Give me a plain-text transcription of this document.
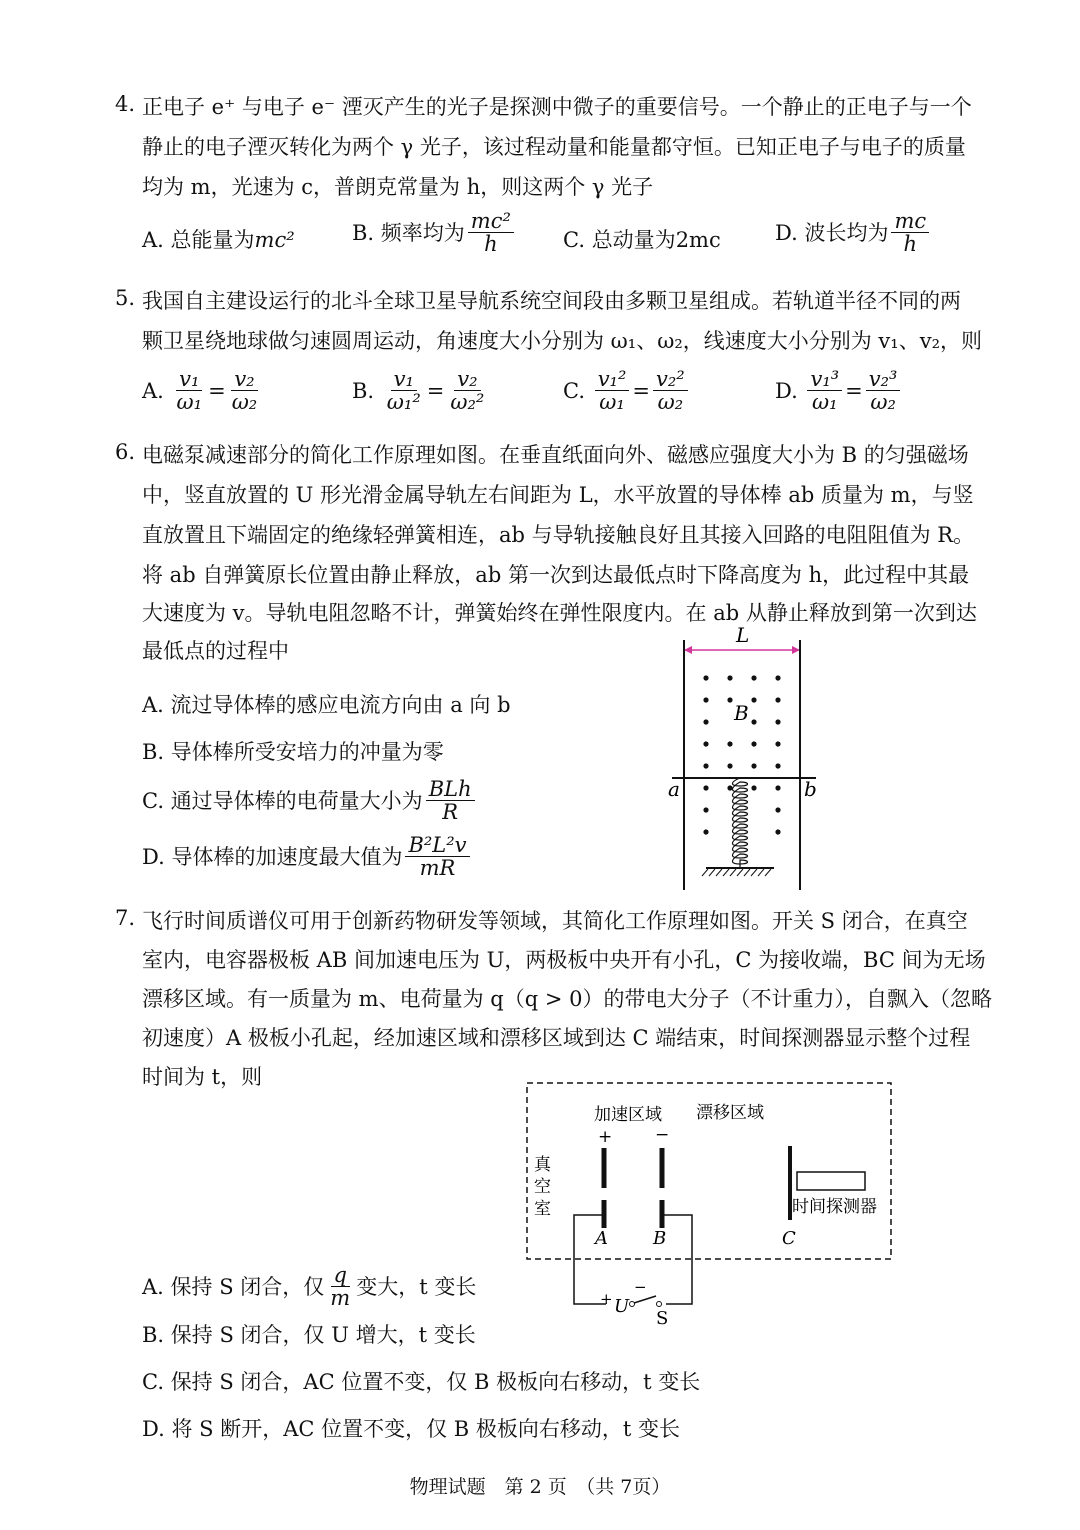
4. 正电子 e⁺ 与电子 e⁻ 湮灭产生的光子是探测中微子的重要信号。一个静止的正电子与一个
静止的电子湮灭转化为两个 γ 光子，该过程动量和能量都守恒。已知正电子与电子的质量
均为 m，光速为 c，普朗克常量为 h，则这两个 γ 光子
A.
总能量为 mc²	B.
频率均为 $\frac{\text{mc²}}{h} C$.
总动量为 2mc	D.
波长均为 $\frac{mc}{h}$
5. 我国自主建设运行的北斗全球卫星导航系统空间段由多颗卫星组成。若轨道半径不同的两
颗卫星绕地球做匀速圆周运动，角速度大小分别为 ω₁、ω₂，线速度大小分别为 v₁、v₂，则
A.
$\frac{\text{v₁}}{\text{ω₁}} = \frac{\text{v₂}}{\text{ω₂}}$	B.
$\frac{\text{v₁}}{\text{ω₁²}} = \frac{\text{v₂}}{\text{ω₂²}}$	C.
$\frac{\text{v₁²}}{\text{ω₁}} = \frac{\text{v₂²}}{\text{ω₂}}$	D.
$\frac{\text{v₁³}}{\text{ω₁}} = \frac{\text{v₂³}}{\text{ω₂}}$
6. 电磁泵减速部分的简化工作原理如图。在垂直纸面向外、磁感应强度大小为 B 的匀强磁场
中，竖直放置的 U 形光滑金属导轨左右间距为 L，水平放置的导体棒 ab 质量为 m，与竖
直放置且下端固定的绝缘轻弹簧相连，ab 与导轨接触良好且其接入回路的电阻阻值为 R。
将 ab 自弹簧原长位置由静止释放，ab 第一次到达最低点时下降高度为 h，此过程中其最
大速度为 v。导轨电阻忽略不计，弹簧始终在弹性限度内。在 ab 从静止释放到第一次到达
最低点的过程中
A.
流过导体棒的感应电流方向由 a 向 b
B.
导体棒所受安培力的冲量为零
C.
通过导体棒的电荷量大小为 $\frac{\text{BLh}}{R}$
D.
导体棒的加速度最大值为 $\frac{\text{B²L²v}}{mR}$
L
B
a	b
7. 飞行时间质谱仪可用于创新药物研发等领域，其简化工作原理如图。开关 S 闭合，在真空
室内，电容器极板 AB 间加速电压为 U，两极板中央开有小孔，C 为接收端，BC 间为无场
漂移区域。有一质量为 m、电荷量为 q（q > 0）的带电大分子（不计重力），自飘入（忽略
初速度）A 极板小孔起，经加速区域和漂移区域到达 C 端结束，时间探测器显示整个过程
时间为 t，则
A.
保持 S 闭合，仅 $\frac{q}{m}$ 变大，t 变长
B.
保持 S 闭合，仅 U 增大，t 变长
C.
保持 S 闭合，AC 位置不变，仅 B 极板向右移动，t 变长
D.
将 S 断开，AC 位置不变，仅 B 极板向右移动，t 变长
加速区域 漂移区域
真
空
室
+	−
时间探测器
A	B	C
+
−
U
S
物理试题　第 2 页　（共 7页）
